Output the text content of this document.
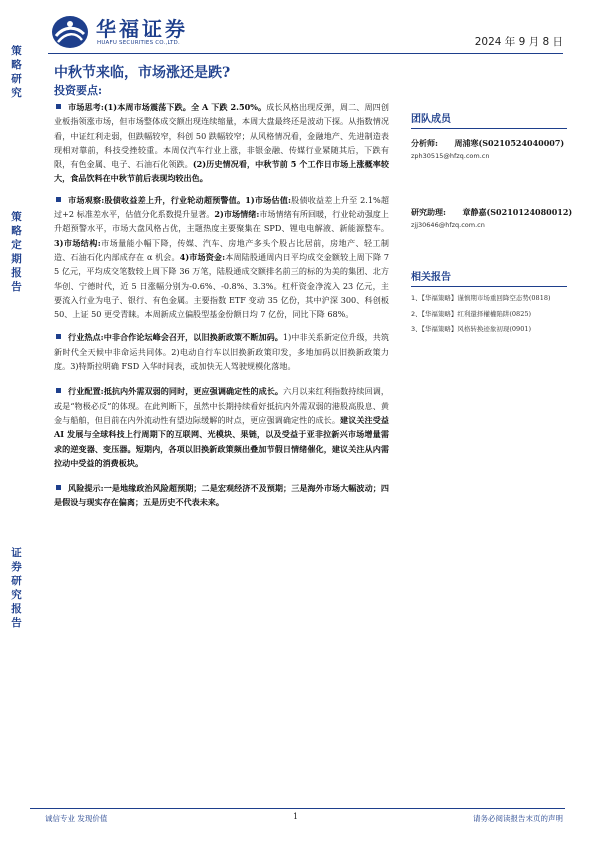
华福证券
HUAFU SECURITIES CO.,LTD.	2024 年 9 月 8 日
策略研究
策略定期报告
证券研究报告
中秋节来临，市场涨还是跌?
投资要点:

市场思考:(1)本周市场震荡下跌。全 A 下跌 2.50%。成长风格出现反弹，周二、周四创业板指领涨市场，但市场整体成交额出现连续缩量，本周大盘最终还是波动下探。从指数情况看，中证红利走弱，但跌幅较窄，科创 50 跌幅较窄；从风格情况看，金融地产、先进制造表现相对靠前，科技受挫较重。本周仅汽车行业上涨，非银金融、传媒行业紧随其后，下跌有限，有色金属、电子、石油石化领跌。(2)历史情况看，中秋节前 5 个工作日市场上涨概率较大，食品饮料在中秋节前后表现均较出色。

市场观察:股债收益差上升，行业轮动超预警值。1)市场估值:股债收益差上升至 2.1%超过+2 标准差水平，估值分化系数提升显著。2)市场情绪:市场情绪有所回暖，行业轮动强度上升超预警水平，市场大盘风格占优，主题热度主要聚集在 SPD、锂电电解液、新能源整车。3)市场结构:市场量能小幅下降，传媒、汽车、房地产多头个股占比居前，房地产、轻工制造、石油石化内部成存在 α 机会。4)市场资金:本周陆股通周内日平均成交金额较上周下降 75 亿元，平均成交笔数较上周下降 36 万笔，陆股通成交额排名前三的标的为美的集团、北方华创、宁德时代，近 5 日涨幅分别为-0.6%、-0.8%、3.3%。杠杆资金净流入 23 亿元，主要流入行业为电子、银行、有色金属。主要指数 ETF 变动 35 亿份，其中沪深 300、科创板 50、上证 50 更受青睐。本周新成立偏股型基金份额日均 7 亿份，同比下降 68%。

行业热点:中非合作论坛峰会召开，以旧换新政策不断加码。1)中非关系新定位升级，共筑新时代全天候中非命运共同体。2)电动自行车以旧换新政策印发，多地加码以旧换新政策力度。3)特斯拉明确 FSD 入华时间表，或加快无人驾驶规模化落地。

行业配置:抵抗内外需双弱的同时，更应强调确定性的成长。六月以来红利指数持续回调，或是“物极必反”的体现。在此判断下，虽然中长期持续看好抵抗内外需双弱的港股高股息、黄金与船舶，但目前在内外流动性有望边际缓解的时点，更应强调确定性的成长。建议关注受益 AI 发展与全球科技上行周期下的互联网、光模块、果链，以及受益于亚非拉新兴市场增量需求的逆变器、变压器。短期内，各项以旧换新政策频出叠加节假日情绪催化，建议关注从内需拉动中受益的消费板块。

风险提示:一是地缘政治风险超预期；二是宏观经济不及预期；三是海外市场大幅波动；四是假设与现实存在偏离；五是历史不代表未来。

团队成员
分析师: 周浦寒(S0210524040007)
zph30515@hfzq.com.cn
研究助理: 章静嘉(S0210124080012)
zjj30646@hfzq.com.cn
相关报告
1、【华福策略】谨慎期市场重回降空态势(0818)
2、【华福策略】红利還择權權陷阱(0825)
3、【华福策略】风格转换迹象初现(0901)
诚信专业 发现价值	1	请务必阅读报告末页的声明
